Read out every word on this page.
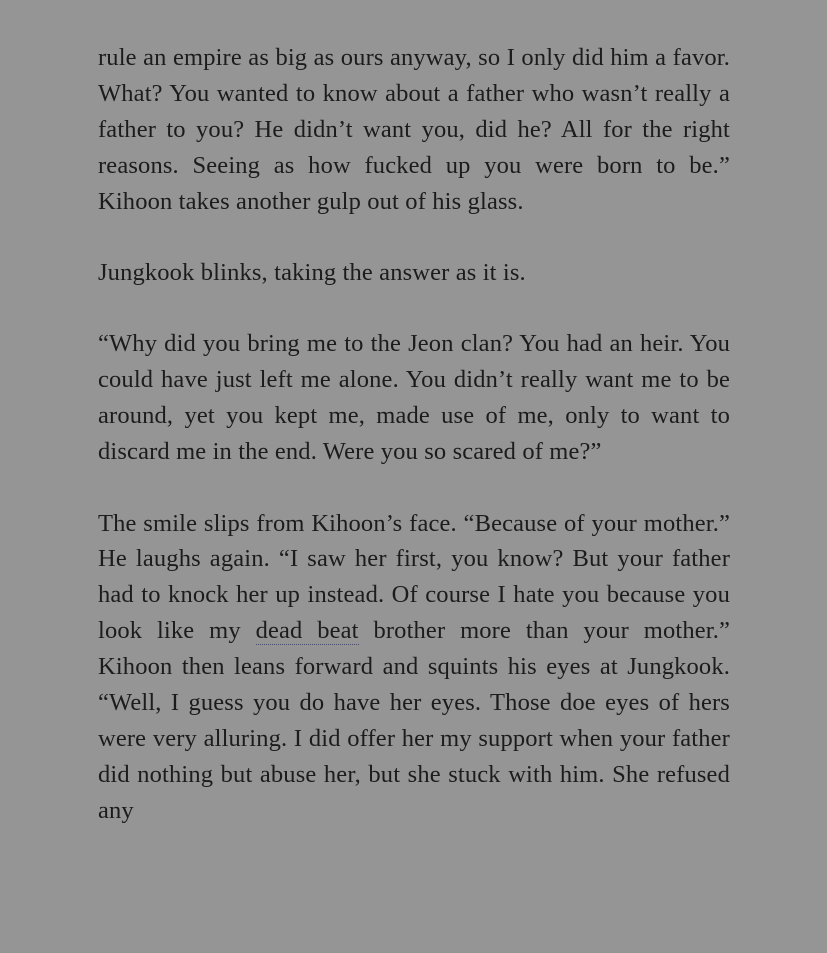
rule an empire as big as ours anyway, so I only did him a favor. What? You wanted to know about a father who wasn’t really a father to you? He didn’t want you, did he? All for the right reasons. Seeing as how fucked up you were born to be.” Kihoon takes another gulp out of his glass.

Jungkook blinks, taking the answer as it is.

“Why did you bring me to the Jeon clan? You had an heir. You could have just left me alone. You didn’t really want me to be around, yet you kept me, made use of me, only to want to discard me in the end. Were you so scared of me?”

The smile slips from Kihoon’s face. “Because of your mother.” He laughs again. “I saw her first, you know? But your father had to knock her up instead. Of course I hate you because you look like my dead beat brother more than your mother.” Kihoon then leans forward and squints his eyes at Jungkook. “Well, I guess you do have her eyes. Those doe eyes of hers were very alluring. I did offer her my support when your father did nothing but abuse her, but she stuck with him. She refused any
